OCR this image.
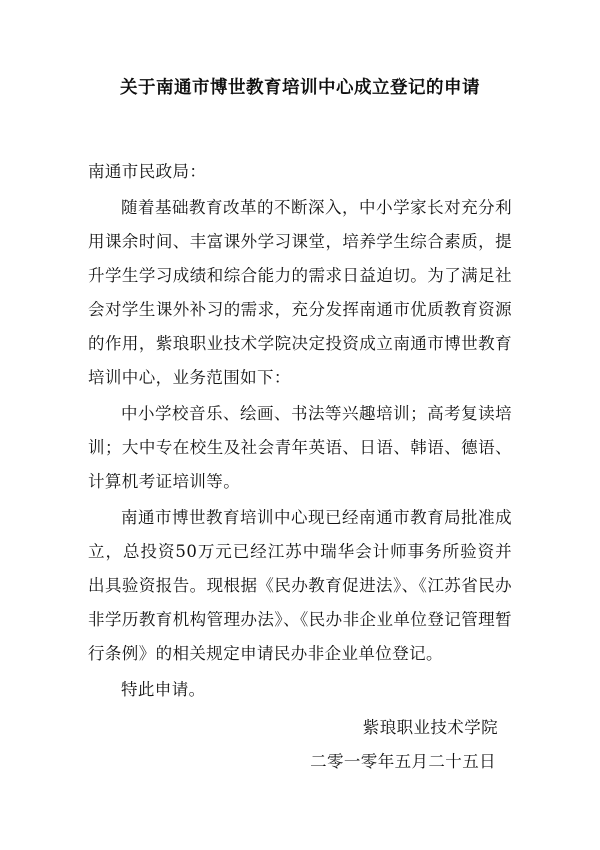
关于南通市博世教育培训中心成立登记的申请

南通市民政局：

随着基础教育改革的不断深入，中小学家长对充分利用课余时间、丰富课外学习课堂，培养学生综合素质，提升学生学习成绩和综合能力的需求日益迫切。为了满足社会对学生课外补习的需求，充分发挥南通市优质教育资源的作用，紫琅职业技术学院决定投资成立南通市博世教育培训中心，业务范围如下：

中小学校音乐、绘画、书法等兴趣培训；高考复读培训；大中专在校生及社会青年英语、日语、韩语、德语、计算机考证培训等。

南通市博世教育培训中心现已经南通市教育局批准成立，总投资50万元已经江苏中瑞华会计师事务所验资并出具验资报告。现根据《民办教育促进法》、《江苏省民办非学历教育机构管理办法》、《民办非企业单位登记管理暂行条例》的相关规定申请民办非企业单位登记。

特此申请。

紫琅职业技术学院
二零一零年五月二十五日
